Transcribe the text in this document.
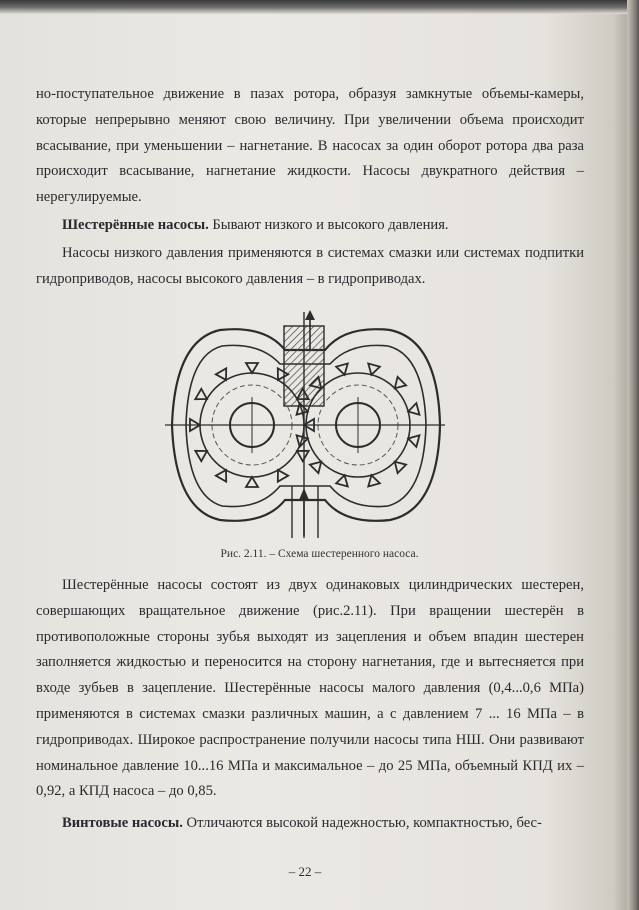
но-поступательное движение в пазах ротора, образуя замкнутые объемы-камеры, которые непрерывно меняют свою величину. При увеличении объема происходит всасывание, при уменьшении – нагнетание. В насосах за один оборот ротора два раза происходит всасывание, нагнетание жидкости. Насосы двукратного действия – нерегулируемые.

Шестерённые насосы. Бывают низкого и высокого давления.

Насосы низкого давления применяются в системах смазки или системах подпитки гидроприводов, насосы высокого давления – в гидроприводах.

Рис. 2.11. – Схема шестеренного насоса.

Шестерённые насосы состоят из двух одинаковых цилиндрических шестерен, совершающих вращательное движение (рис.2.11). При вращении шестерён в противоположные стороны зубья выходят из зацепления и объем впадин шестерен заполняется жидкостью и переносится на сторону нагнетания, где и вытесняется при входе зубьев в зацепление. Шестерённые насосы малого давления (0,4...0,6 МПа) применяются в системах смазки различных машин, а с давлением 7 ... 16 МПа – в гидроприводах. Широкое распространение получили насосы типа НШ. Они развивают номинальное давление 10...16 МПа и максимальное – до 25 МПа, объемный КПД их – 0,92, а КПД насоса – до 0,85.

Винтовые насосы. Отличаются высокой надежностью, компактностью, бес-

– 22 –
